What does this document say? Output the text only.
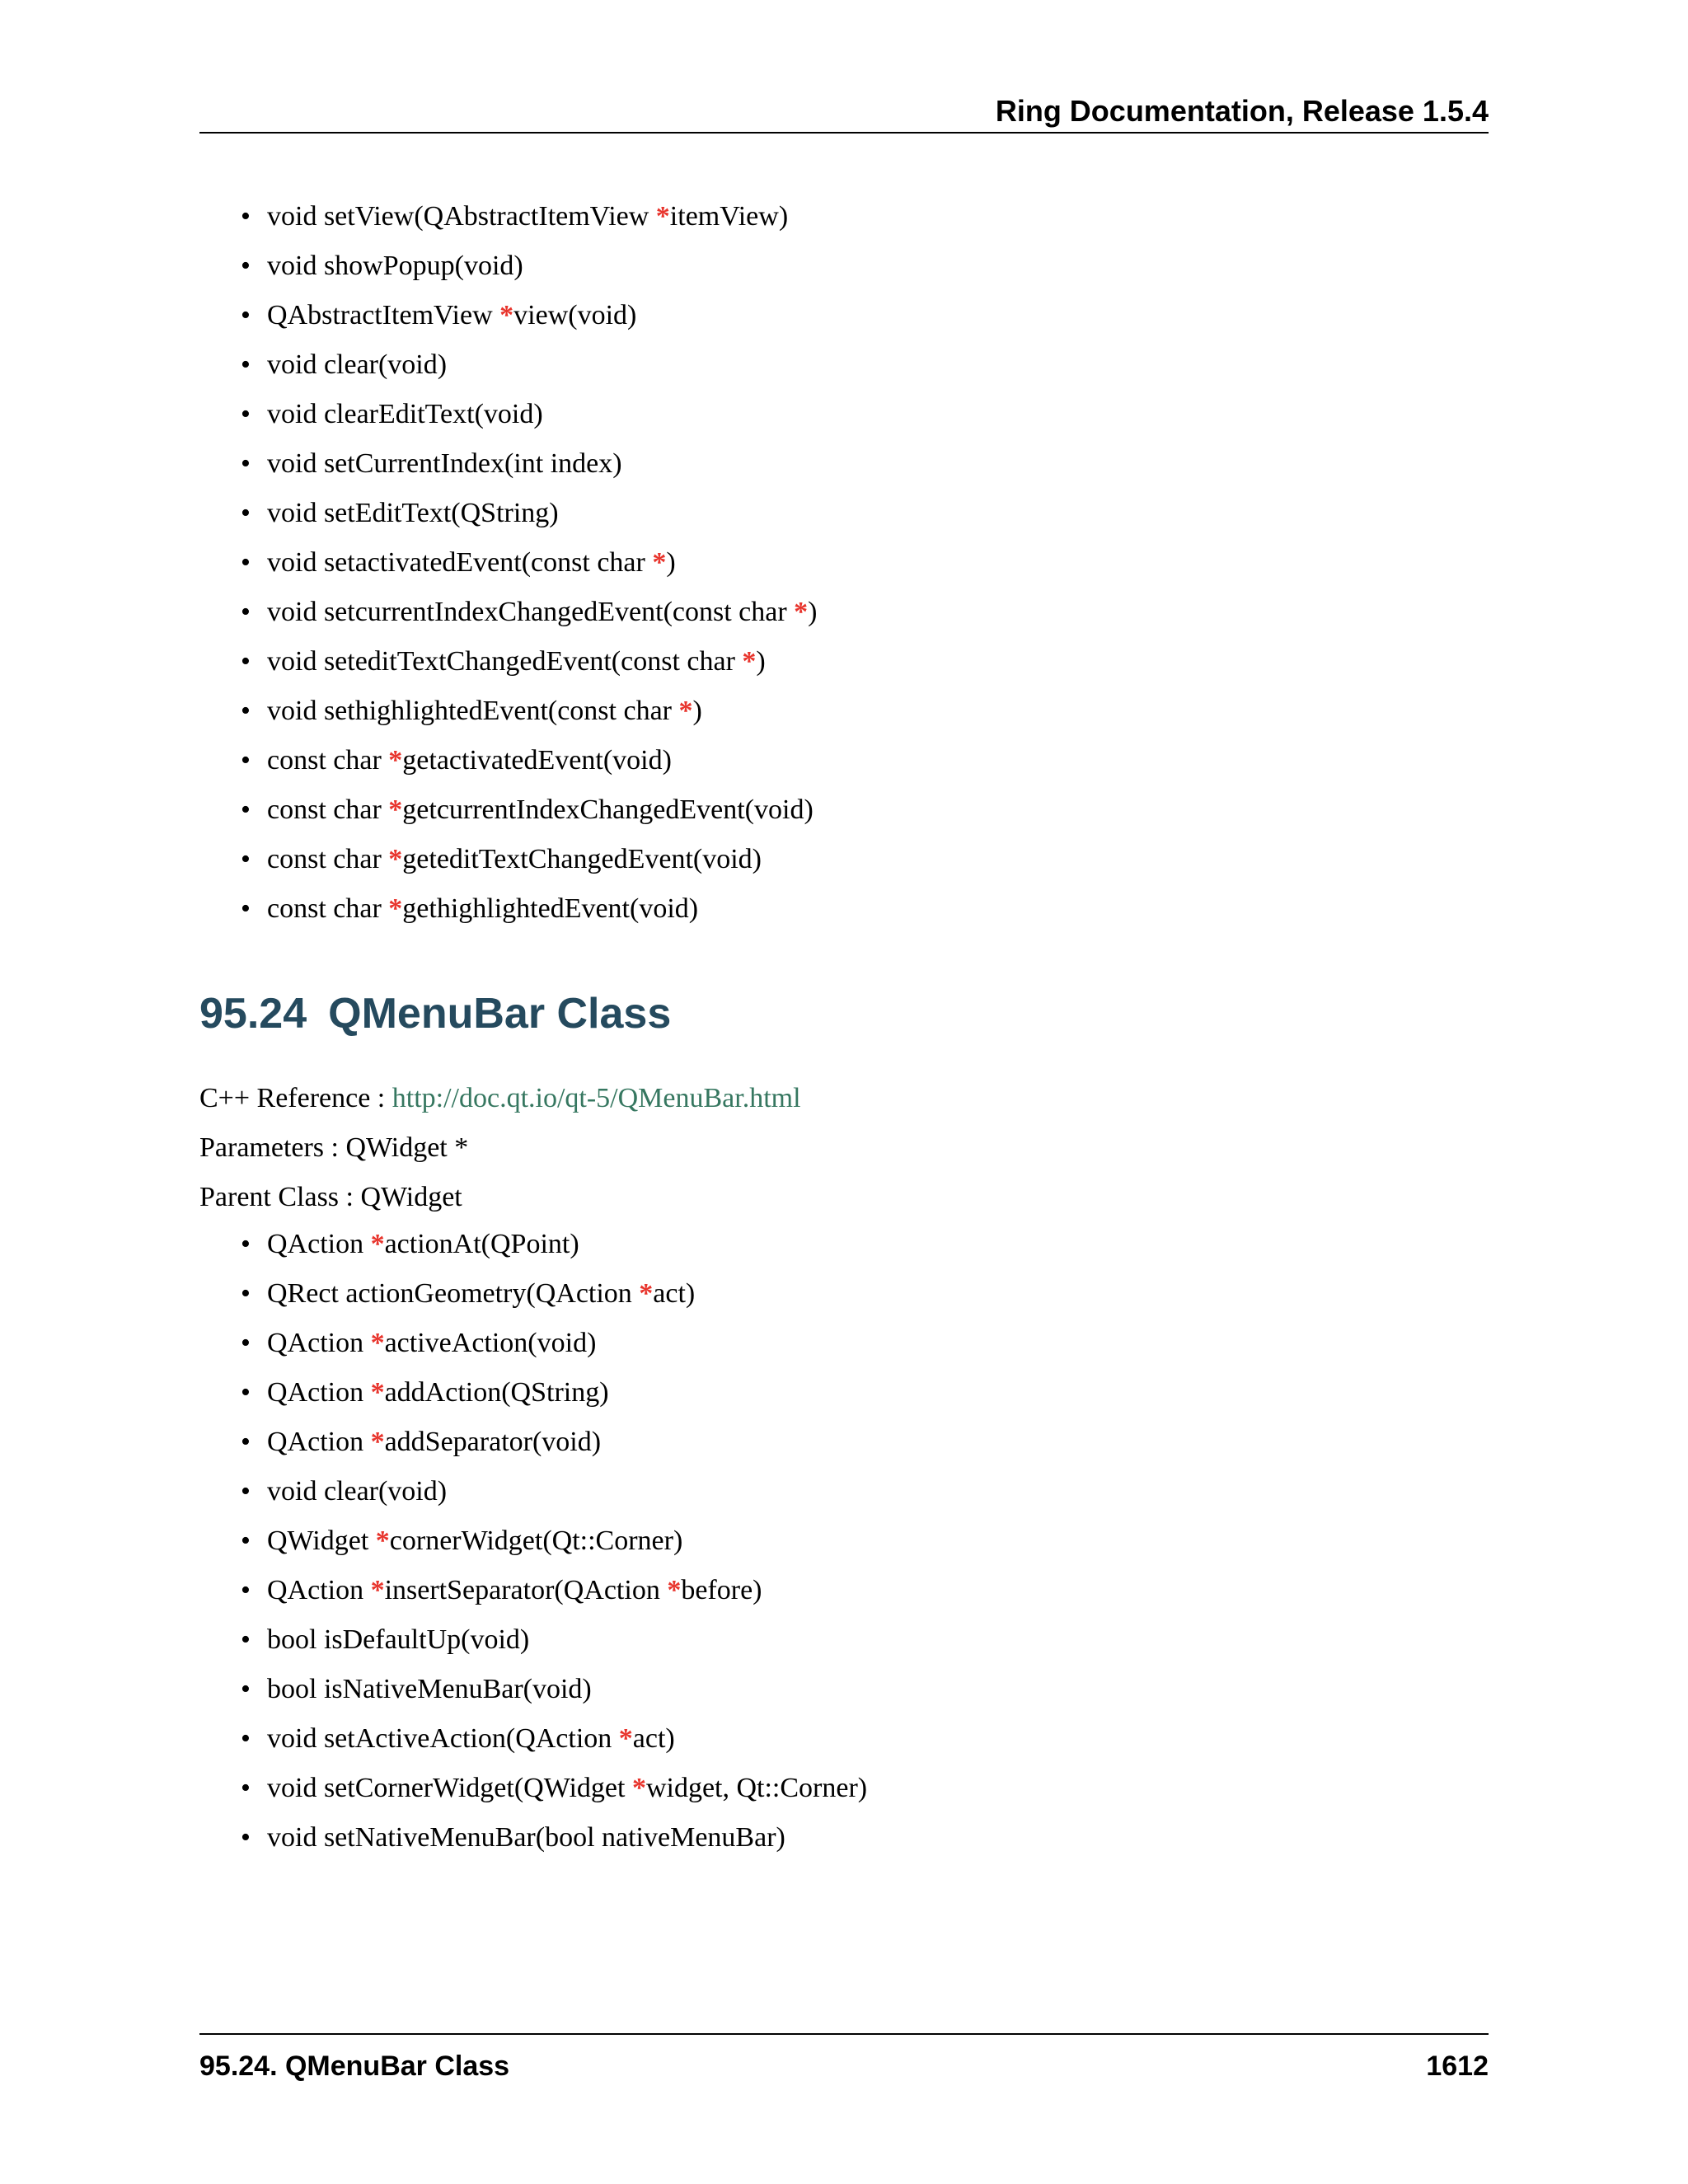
Ring Documentation, Release 1.5.4
• void setView(QAbstractItemView *itemView)
• void showPopup(void)
• QAbstractItemView *view(void)
• void clear(void)
• void clearEditText(void)
• void setCurrentIndex(int index)
• void setEditText(QString)
• void setactivatedEvent(const char *)
• void setcurrentIndexChangedEvent(const char *)
• void seteditTextChangedEvent(const char *)
• void sethighlightedEvent(const char *)
• const char *getactivatedEvent(void)
• const char *getcurrentIndexChangedEvent(void)
• const char *geteditTextChangedEvent(void)
• const char *gethighlightedEvent(void)
95.24 QMenuBar Class
C++ Reference : http://doc.qt.io/qt-5/QMenuBar.html
Parameters : QWidget *
Parent Class : QWidget
• QAction *actionAt(QPoint)
• QRect actionGeometry(QAction *act)
• QAction *activeAction(void)
• QAction *addAction(QString)
• QAction *addSeparator(void)
• void clear(void)
• QWidget *cornerWidget(Qt::Corner)
• QAction *insertSeparator(QAction *before)
• bool isDefaultUp(void)
• bool isNativeMenuBar(void)
• void setActiveAction(QAction *act)
• void setCornerWidget(QWidget *widget, Qt::Corner)
• void setNativeMenuBar(bool nativeMenuBar)
95.24. QMenuBar Class	1612
